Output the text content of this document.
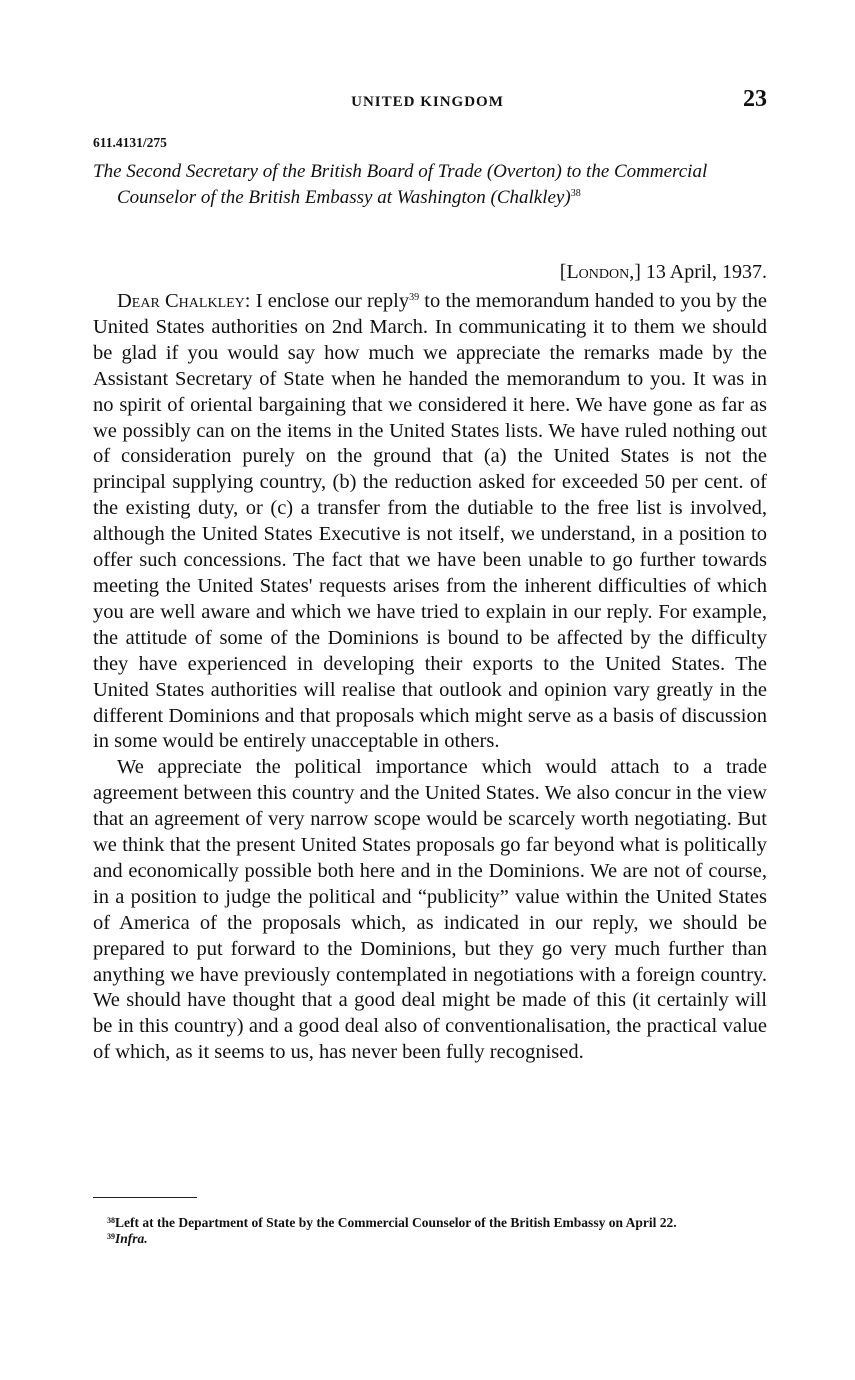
UNITED KINGDOM	23
611.4131/275
The Second Secretary of the British Board of Trade (Overton) to the Commercial Counselor of the British Embassy at Washington (Chalkley)$^{38}$
[London,] 13 April, 1937.

Dear Chalkley: I enclose our reply$^{39}$ to the memorandum handed to you by the United States authorities on 2nd March. In communicating it to them we should be glad if you would say how much we appreciate the remarks made by the Assistant Secretary of State when he handed the memorandum to you. It was in no spirit of oriental bargaining that we considered it here. We have gone as far as we possibly can on the items in the United States lists. We have ruled nothing out of consideration purely on the ground that (a) the United States is not the principal supplying country, (b) the reduction asked for exceeded 50 per cent. of the existing duty, or (c) a transfer from the dutiable to the free list is involved, although the United States Executive is not itself, we understand, in a position to offer such concessions. The fact that we have been unable to go further towards meeting the United States' requests arises from the inherent difficulties of which you are well aware and which we have tried to explain in our reply. For example, the attitude of some of the Dominions is bound to be affected by the difficulty they have experienced in developing their exports to the United States. The United States authorities will realise that outlook and opinion vary greatly in the different Dominions and that proposals which might serve as a basis of discussion in some would be entirely unacceptable in others.

We appreciate the political importance which would attach to a trade agreement between this country and the United States. We also concur in the view that an agreement of very narrow scope would be scarcely worth negotiating. But we think that the present United States proposals go far beyond what is politically and economically possible both here and in the Dominions. We are not of course, in a position to judge the political and “publicity” value within the United States of America of the proposals which, as indicated in our reply, we should be prepared to put forward to the Dominions, but they go very much further than anything we have previously contemplated in negotiations with a foreign country. We should have thought that a good deal might be made of this (it certainly will be in this country) and a good deal also of conventionalisation, the practical value of which, as it seems to us, has never been fully recognised.

$^{38}$Left at the Department of State by the Commercial Counselor of the British Embassy on April 22.

$^{39}$Infra.
